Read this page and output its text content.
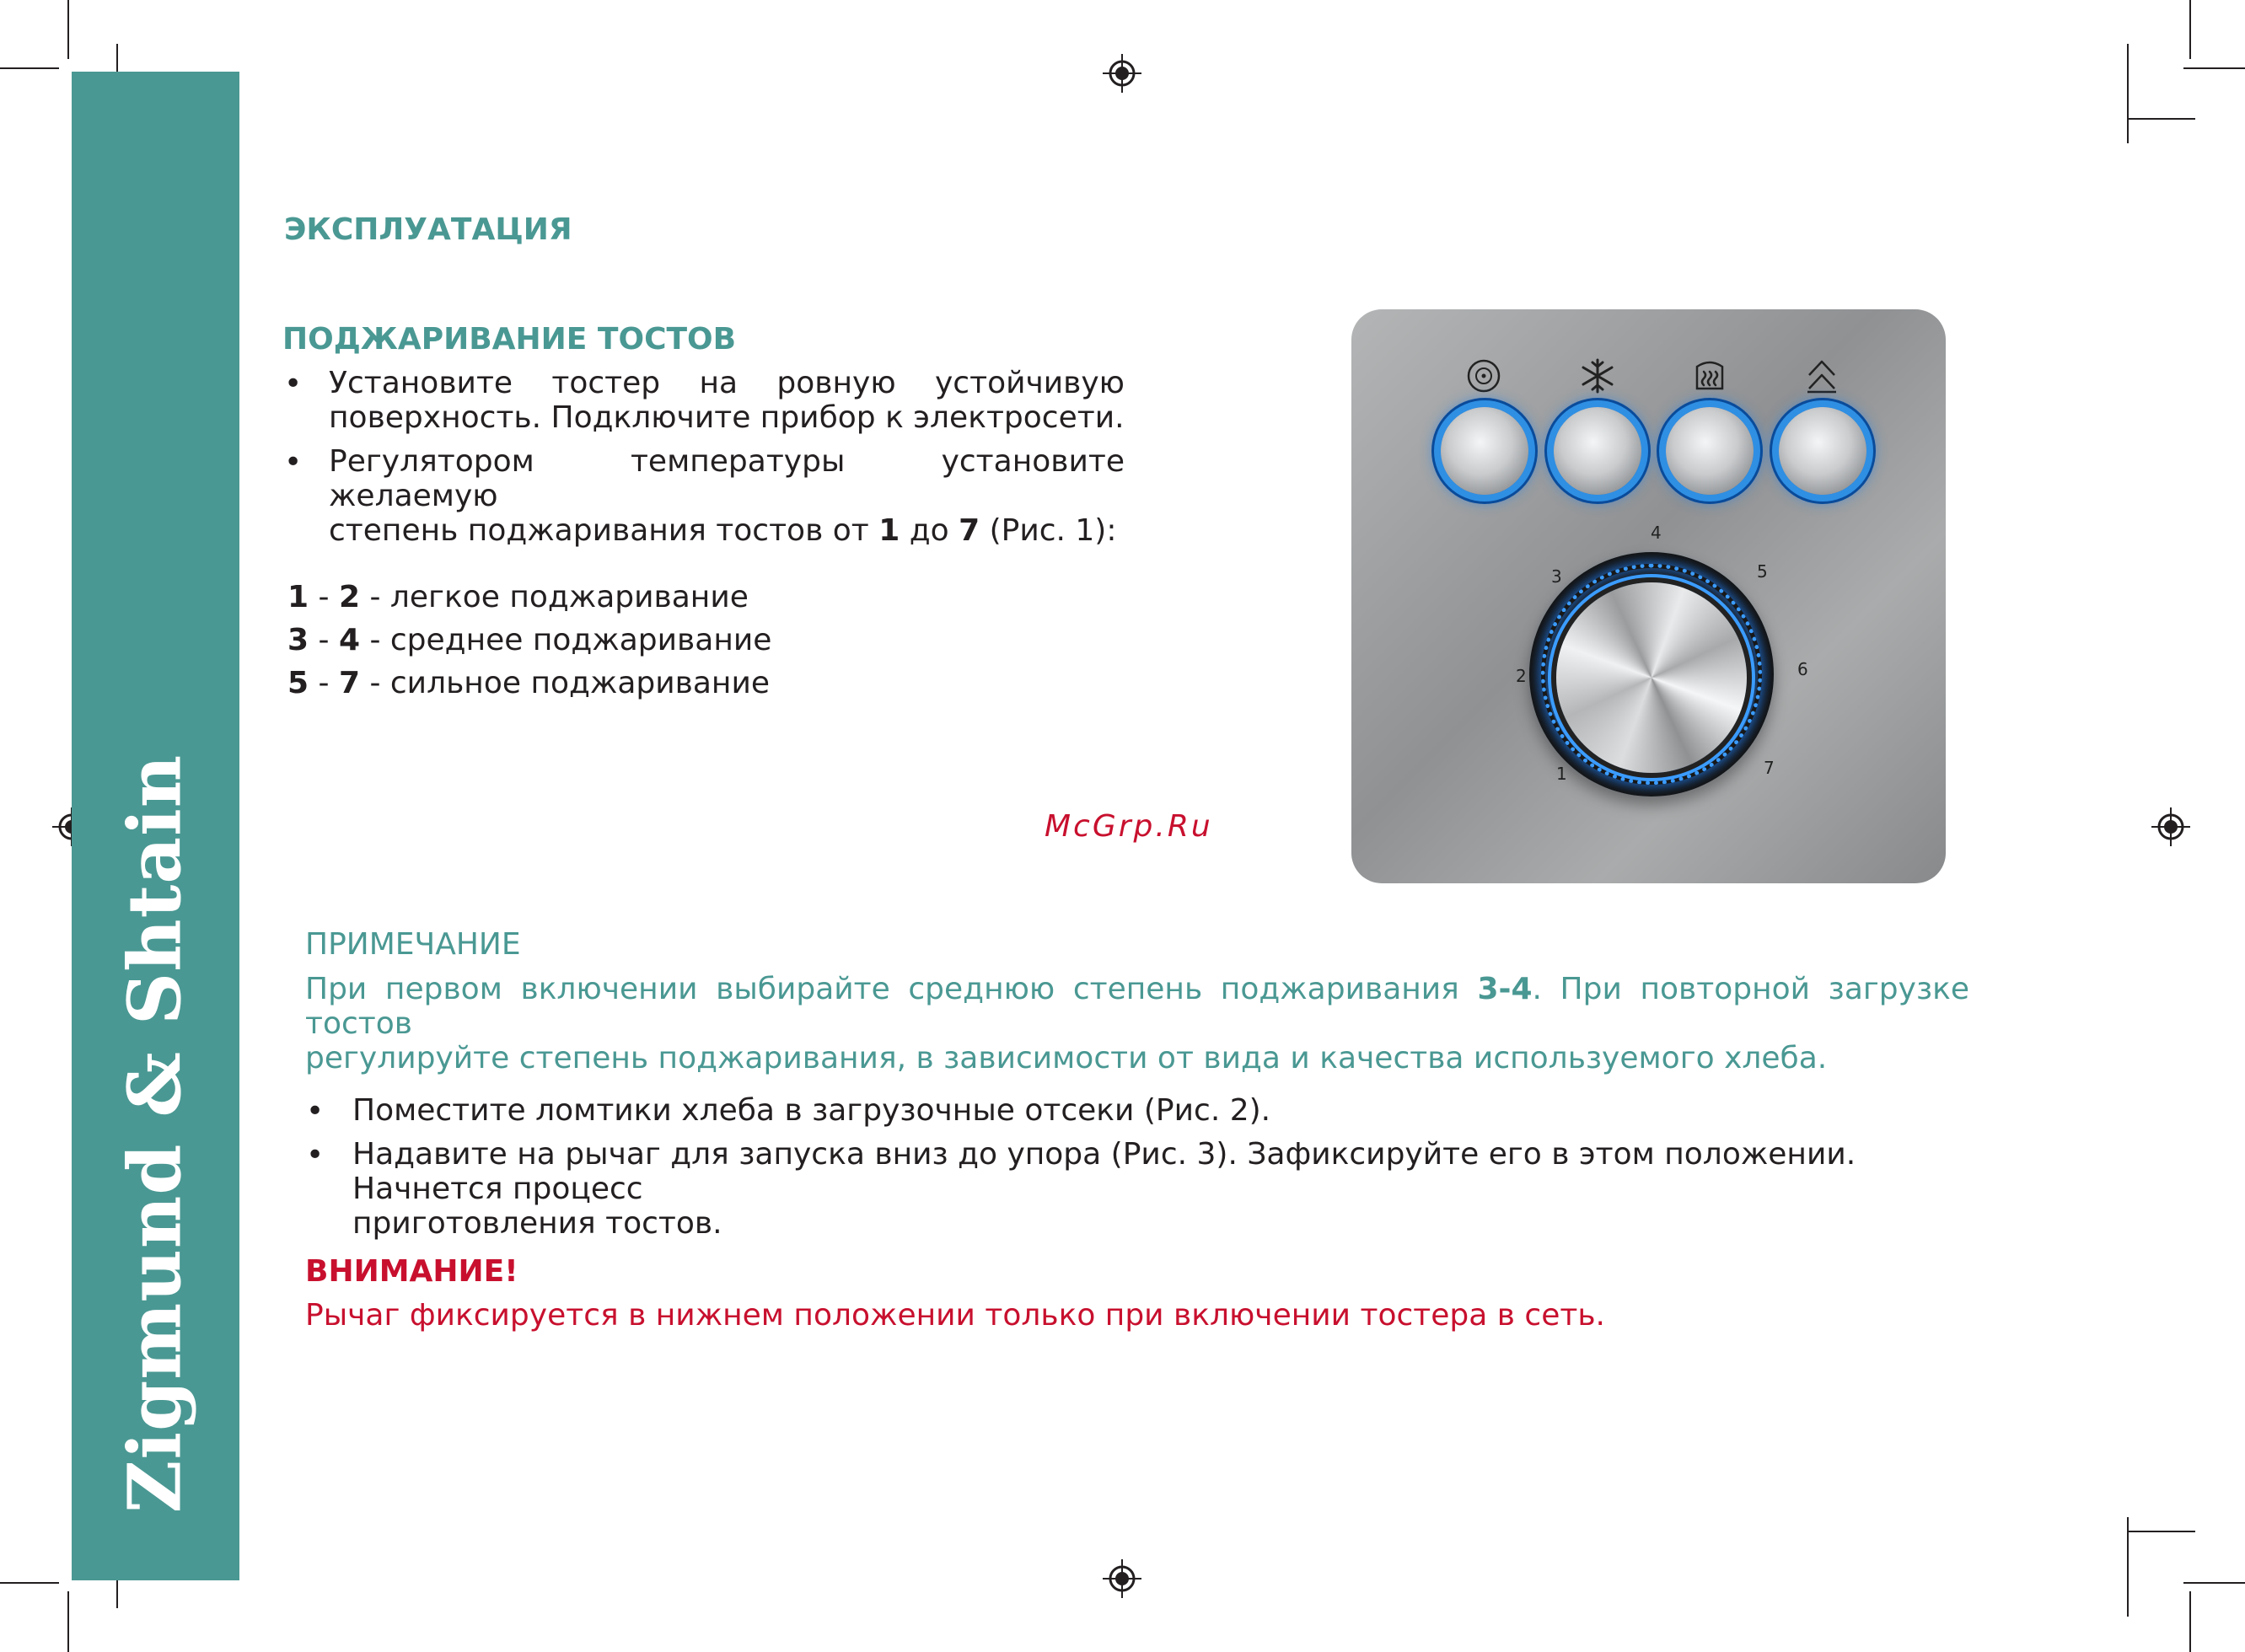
Zigmund & Shtain
ЭКСПЛУАТАЦИЯ
ПОДЖАРИВАНИЕ ТОСТОВ
• Установите тостер на ровную устойчивую
поверхность. Подключите прибор к электросети.
• Регулятором температуры установите желаемую
степень поджаривания тостов от 1 до 7 (Рис. 1):
1 - 2 - легкое поджаривание
3 - 4 - среднее поджаривание
5 - 7 - сильное поджаривание
McGrp.Ru
1
2
3
4
5
6
7
ПРИМЕЧАНИЕ
При первом включении выбирайте среднюю степень поджаривания 3-4. При повторной загрузке тостов
регулируйте степень поджаривания, в зависимости от вида и качества используемого хлеба.
• Поместите ломтики хлеба в загрузочные отсеки (Рис. 2).
• Надавите на рычаг для запуска вниз до упора (Рис. 3). Зафиксируйте его в этом положении. Начнется процесс
приготовления тостов.
ВНИМАНИЕ!
Рычаг фиксируется в нижнем положении только при включении тостера в сеть.
